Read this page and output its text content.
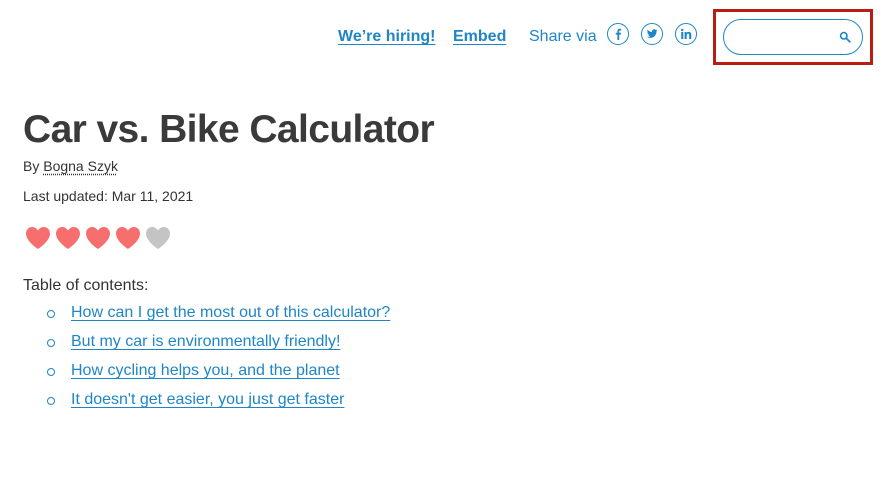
We’re hiring! Embed Share via
Car vs. Bike Calculator
By Bogna Szyk
Last updated: Mar 11, 2021
Table of contents:
How can I get the most out of this calculator?
But my car is environmentally friendly!
How cycling helps you, and the planet
It doesn't get easier, you just get faster
